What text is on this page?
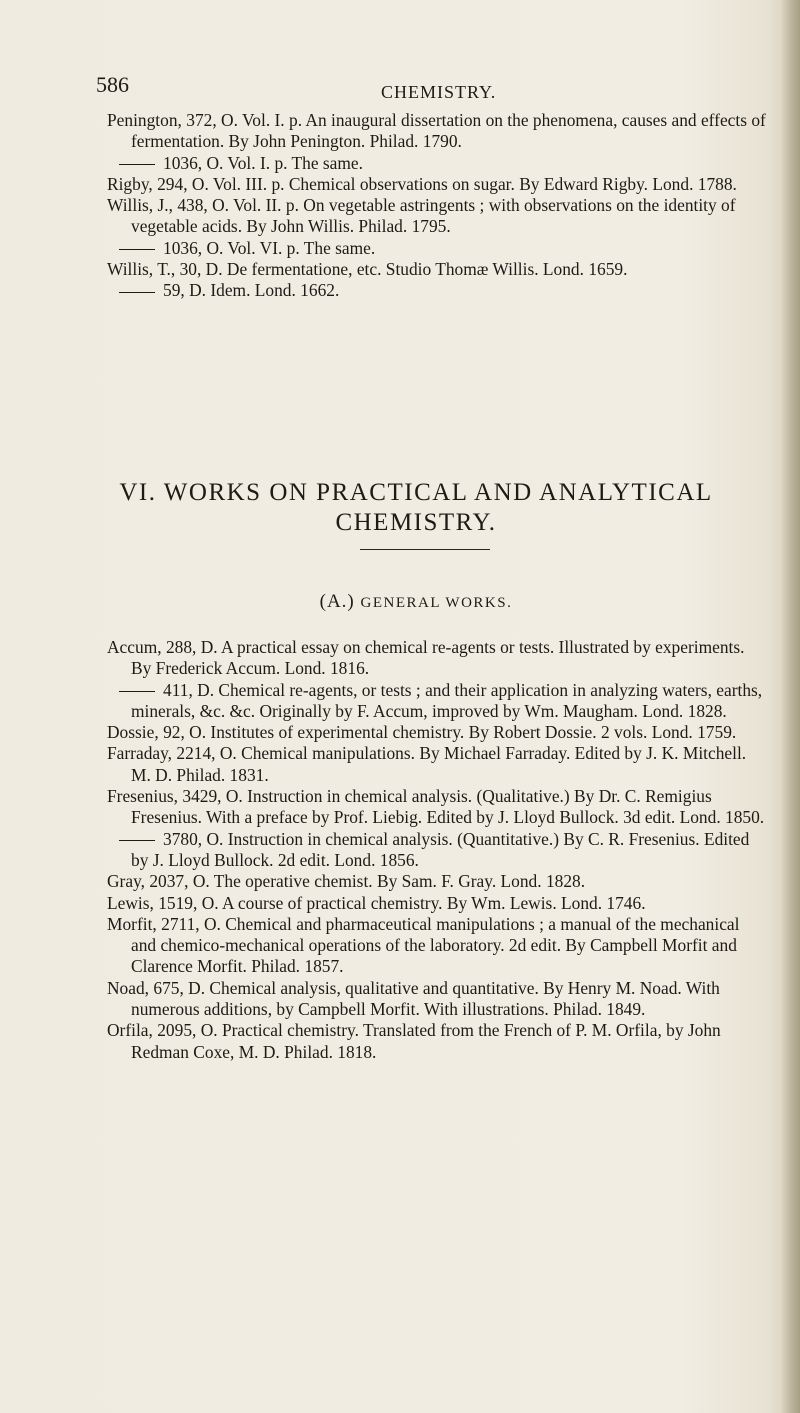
586	CHEMISTRY.

Penington, 372, O. Vol. I. p. An inaugural dissertation on the phenomena, causes and effects of fermentation. By John Penington. Philad. 1790.

1036, O. Vol. I. p. The same.

Rigby, 294, O. Vol. III. p. Chemical observations on sugar. By Edward Rigby. Lond. 1788.

Willis, J., 438, O. Vol. II. p. On vegetable astringents ; with observations on the identity of vegetable acids. By John Willis. Philad. 1795.

1036, O. Vol. VI. p. The same.

Willis, T., 30, D. De fermentatione, etc. Studio Thomæ Willis. Lond. 1659.

59, D. Idem. Lond. 1662.

VI. WORKS ON PRACTICAL AND ANALYTICAL
CHEMISTRY.
(A.) GENERAL WORKS.

Accum, 288, D. A practical essay on chemical re-agents or tests. Illustrated by experiments. By Frederick Accum. Lond. 1816.

411, D. Chemical re-agents, or tests ; and their application in analyzing waters, earths, minerals, &c. &c. Originally by F. Accum, improved by Wm. Maugham. Lond. 1828.

Dossie, 92, O. Institutes of experimental chemistry. By Robert Dossie. 2 vols. Lond. 1759.

Farraday, 2214, O. Chemical manipulations. By Michael Farraday. Edited by J. K. Mitchell. M. D. Philad. 1831.

Fresenius, 3429, O. Instruction in chemical analysis. (Qualitative.) By Dr. C. Remigius Fresenius. With a preface by Prof. Liebig. Edited by J. Lloyd Bullock. 3d edit. Lond. 1850.

3780, O. Instruction in chemical analysis. (Quantitative.) By C. R. Fresenius. Edited by J. Lloyd Bullock. 2d edit. Lond. 1856.

Gray, 2037, O. The operative chemist. By Sam. F. Gray. Lond. 1828.

Lewis, 1519, O. A course of practical chemistry. By Wm. Lewis. Lond. 1746.

Morfit, 2711, O. Chemical and pharmaceutical manipulations ; a manual of the mechanical and chemico-mechanical operations of the laboratory. 2d edit. By Campbell Morfit and Clarence Morfit. Philad. 1857.

Noad, 675, D. Chemical analysis, qualitative and quantitative. By Henry M. Noad. With numerous additions, by Campbell Morfit. With illustrations. Philad. 1849.

Orfila, 2095, O. Practical chemistry. Translated from the French of P. M. Orfila, by John Redman Coxe, M. D. Philad. 1818.
